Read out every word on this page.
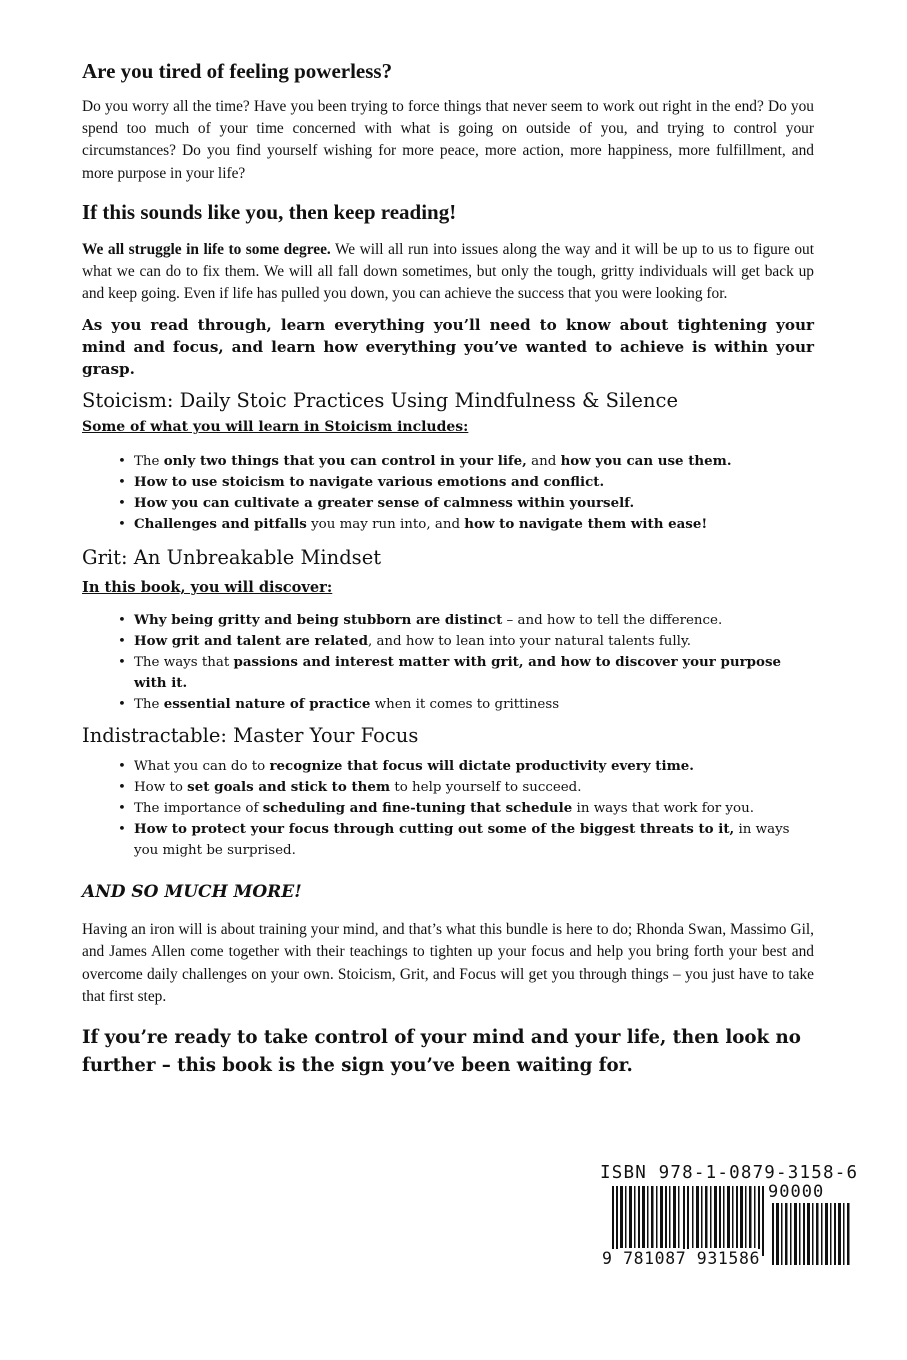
Are you tired of feeling powerless?

Do you worry all the time? Have you been trying to force things that never seem to work out right in the end? Do you spend too much of your time concerned with what is going on outside of you, and trying to control your circumstances? Do you find yourself wishing for more peace, more action, more happiness, more fulfillment, and more purpose in your life?

If this sounds like you, then keep reading!

We all struggle in life to some degree. We will all run into issues along the way and it will be up to us to figure out what we can do to fix them. We will all fall down sometimes, but only the tough, gritty individuals will get back up and keep going. Even if life has pulled you down, you can achieve the success that you were looking for.

As you read through, learn everything you’ll need to know about tightening your mind and focus, and learn how everything you’ve wanted to achieve is within your grasp.

Stoicism: Daily Stoic Practices Using Mindfulness & Silence
Some of what you will learn in Stoicism includes:
• The only two things that you can control in your life, and how you can use them.
• How to use stoicism to navigate various emotions and conflict.
• How you can cultivate a greater sense of calmness within yourself.
• Challenges and pitfalls you may run into, and how to navigate them with ease!
Grit: An Unbreakable Mindset
In this book, you will discover:
• Why being gritty and being stubborn are distinct – and how to tell the difference.
• How grit and talent are related, and how to lean into your natural talents fully.
• The ways that passions and interest matter with grit, and how to discover your purpose with it.
• The essential nature of practice when it comes to grittiness
Indistractable: Master Your Focus
• What you can do to recognize that focus will dictate productivity every time.
• How to set goals and stick to them to help yourself to succeed.
• The importance of scheduling and fine-tuning that schedule in ways that work for you.
• How to protect your focus through cutting out some of the biggest threats to it, in ways you might be surprised.
AND SO MUCH MORE!

Having an iron will is about training your mind, and that’s what this bundle is here to do; Rhonda Swan, Massimo Gil, and James Allen come together with their teachings to tighten up your focus and help you bring forth your best and overcome daily challenges on your own. Stoicism, Grit, and Focus will get you through things – you just have to take that first step.

If you’re ready to take control of your mind and your life, then look no further – this book is the sign you’ve been waiting for.
ISBN 978-1-0879-3158-6
90000
9 781087 931586
